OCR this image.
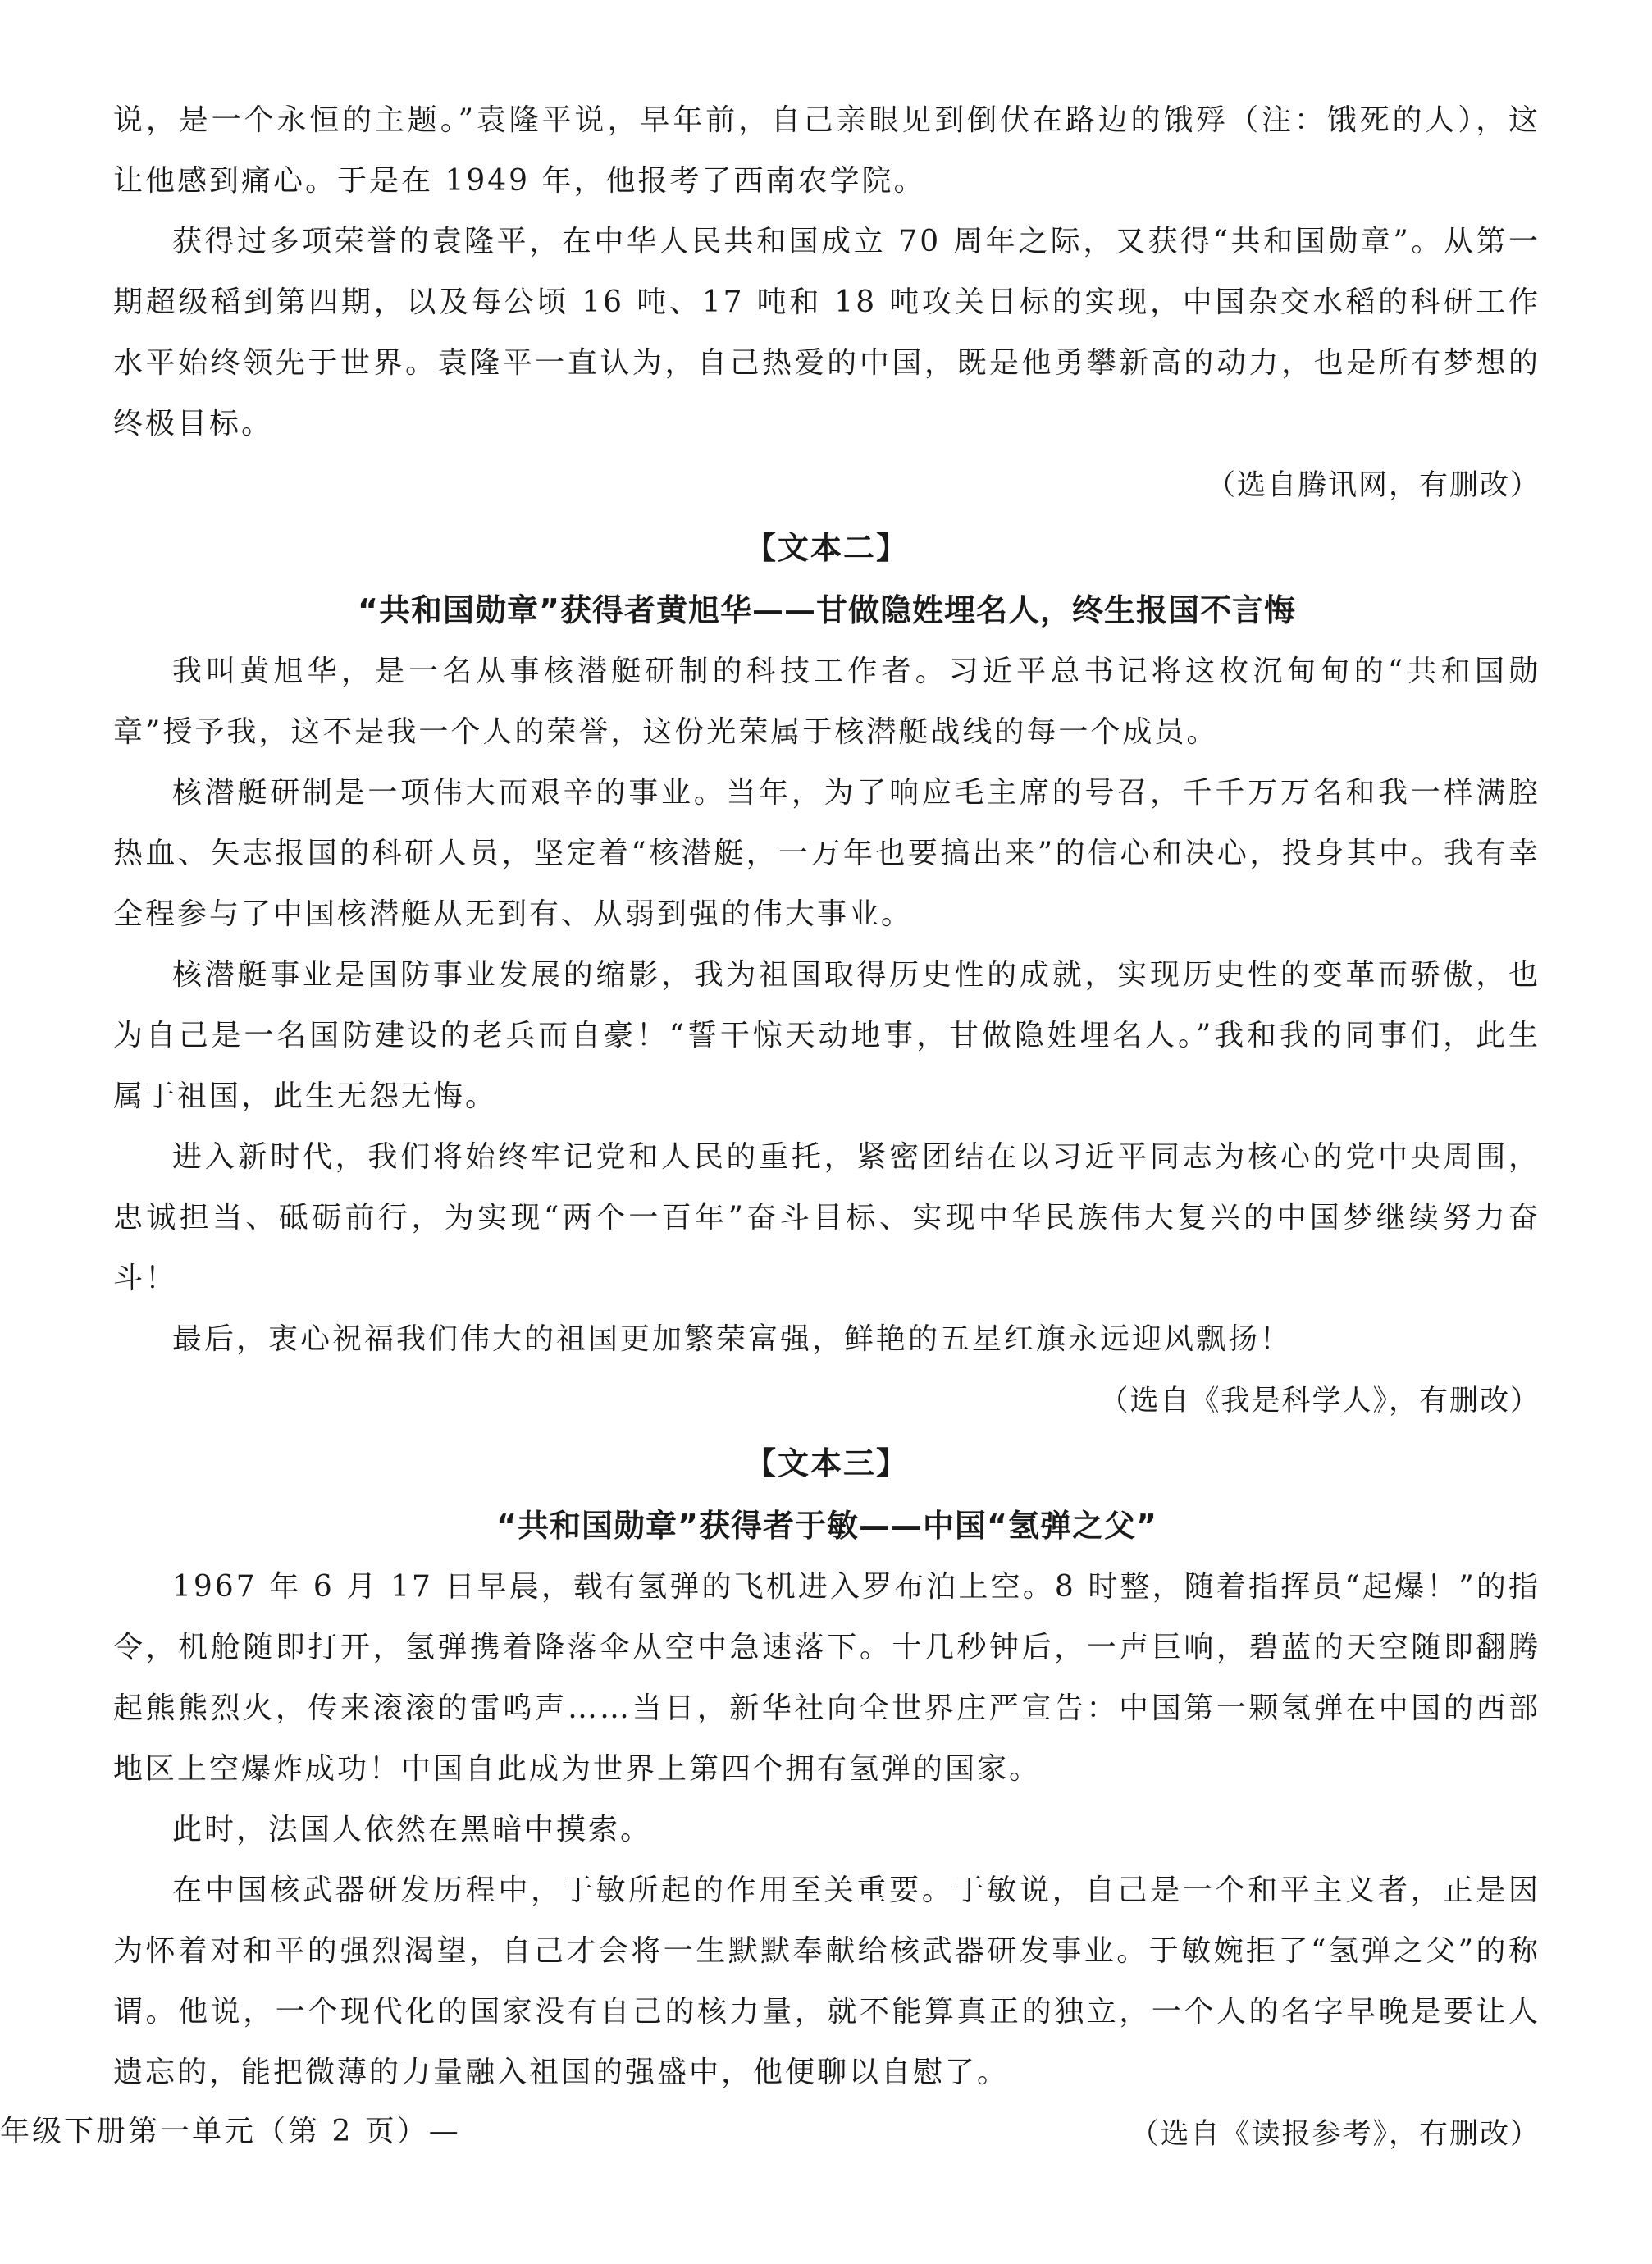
说，是一个永恒的主题。”袁隆平说，早年前，自己亲眼见到倒伏在路边的饿殍（注：饿死的人），这让他感到痛心。于是在 1949 年，他报考了西南农学院。

获得过多项荣誉的袁隆平，在中华人民共和国成立 70 周年之际，又获得“共和国勋章”。从第一期超级稻到第四期，以及每公顷 16 吨、17 吨和 18 吨攻关目标的实现，中国杂交水稻的科研工作水平始终领先于世界。袁隆平一直认为，自己热爱的中国，既是他勇攀新高的动力，也是所有梦想的终极目标。

（选自腾讯网，有删改）

【文本二】

“共和国勋章”获得者黄旭华——甘做隐姓埋名人，终生报国不言悔

我叫黄旭华，是一名从事核潜艇研制的科技工作者。习近平总书记将这枚沉甸甸的“共和国勋章”授予我，这不是我一个人的荣誉，这份光荣属于核潜艇战线的每一个成员。

核潜艇研制是一项伟大而艰辛的事业。当年，为了响应毛主席的号召，千千万万名和我一样满腔热血、矢志报国的科研人员，坚定着“核潜艇，一万年也要搞出来”的信心和决心，投身其中。我有幸全程参与了中国核潜艇从无到有、从弱到强的伟大事业。

核潜艇事业是国防事业发展的缩影，我为祖国取得历史性的成就，实现历史性的变革而骄傲，也为自己是一名国防建设的老兵而自豪！“誓干惊天动地事，甘做隐姓埋名人。”我和我的同事们，此生属于祖国，此生无怨无悔。

进入新时代，我们将始终牢记党和人民的重托，紧密团结在以习近平同志为核心的党中央周围，忠诚担当、砥砺前行，为实现“两个一百年”奋斗目标、实现中华民族伟大复兴的中国梦继续努力奋斗！

最后，衷心祝福我们伟大的祖国更加繁荣富强，鲜艳的五星红旗永远迎风飘扬！

（选自《我是科学人》，有删改）

【文本三】

“共和国勋章”获得者于敏——中国“氢弹之父”

1967 年 6 月 17 日早晨，载有氢弹的飞机进入罗布泊上空。8 时整，随着指挥员“起爆！”的指令，机舱随即打开，氢弹携着降落伞从空中急速落下。十几秒钟后，一声巨响，碧蓝的天空随即翻腾起熊熊烈火，传来滚滚的雷鸣声……当日，新华社向全世界庄严宣告：中国第一颗氢弹在中国的西部地区上空爆炸成功！中国自此成为世界上第四个拥有氢弹的国家。

此时，法国人依然在黑暗中摸索。

在中国核武器研发历程中，于敏所起的作用至关重要。于敏说，自己是一个和平主义者，正是因为怀着对和平的强烈渴望，自己才会将一生默默奉献给核武器研发事业。于敏婉拒了“氢弹之父”的称谓。他说，一个现代化的国家没有自己的核力量，就不能算真正的独立，一个人的名字早晚是要让人遗忘的，能把微薄的力量融入祖国的强盛中，他便聊以自慰了。

（选自《读报参考》，有删改）

年级下册第一单元（第 2 页）—
